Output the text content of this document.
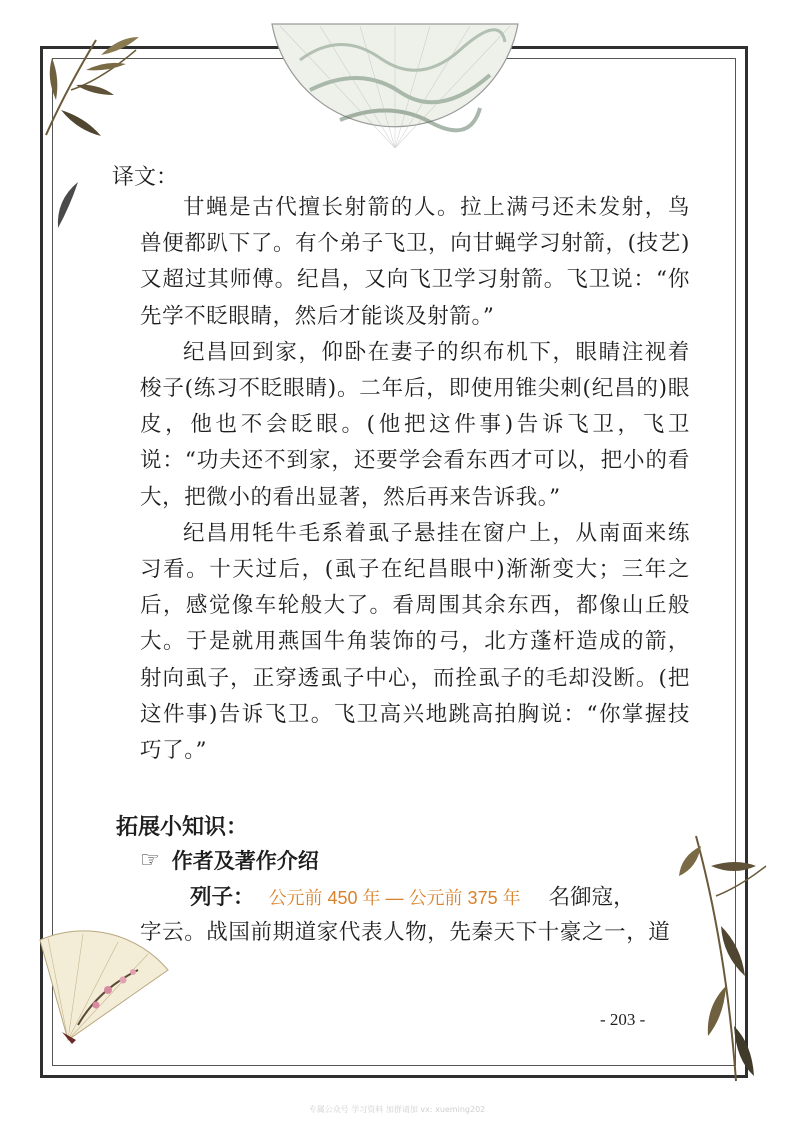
译文：

甘蝇是古代擅长射箭的人。拉上满弓还未发射，鸟兽便都趴下了。有个弟子飞卫，向甘蝇学习射箭，(技艺)又超过其师傅。纪昌，又向飞卫学习射箭。飞卫说：“你先学不眨眼睛，然后才能谈及射箭。”

纪昌回到家，仰卧在妻子的织布机下，眼睛注视着梭子(练习不眨眼睛)。二年后，即使用锥尖刺(纪昌的)眼皮，他也不会眨眼。(他把这件事)告诉飞卫，飞卫说：“功夫还不到家，还要学会看东西才可以，把小的看大，把微小的看出显著，然后再来告诉我。”

纪昌用牦牛毛系着虱子悬挂在窗户上，从南面来练习看。十天过后，(虱子在纪昌眼中)渐渐变大；三年之后，感觉像车轮般大了。看周围其余东西，都像山丘般大。于是就用燕国牛角装饰的弓，北方蓬杆造成的箭，射向虱子，正穿透虱子中心，而拴虱子的毛却没断。(把这件事)告诉飞卫。飞卫高兴地跳高拍胸说：“你掌握技巧了。”

拓展小知识：
☞ 作者及著作介绍
列子： 公元前 450 年 — 公元前 375 年 名御寇，
字云。战国前期道家代表人物，先秦天下十豪之一，道
- 203 -
专属公众号 学习资料 加群请加 vx: xueming202
